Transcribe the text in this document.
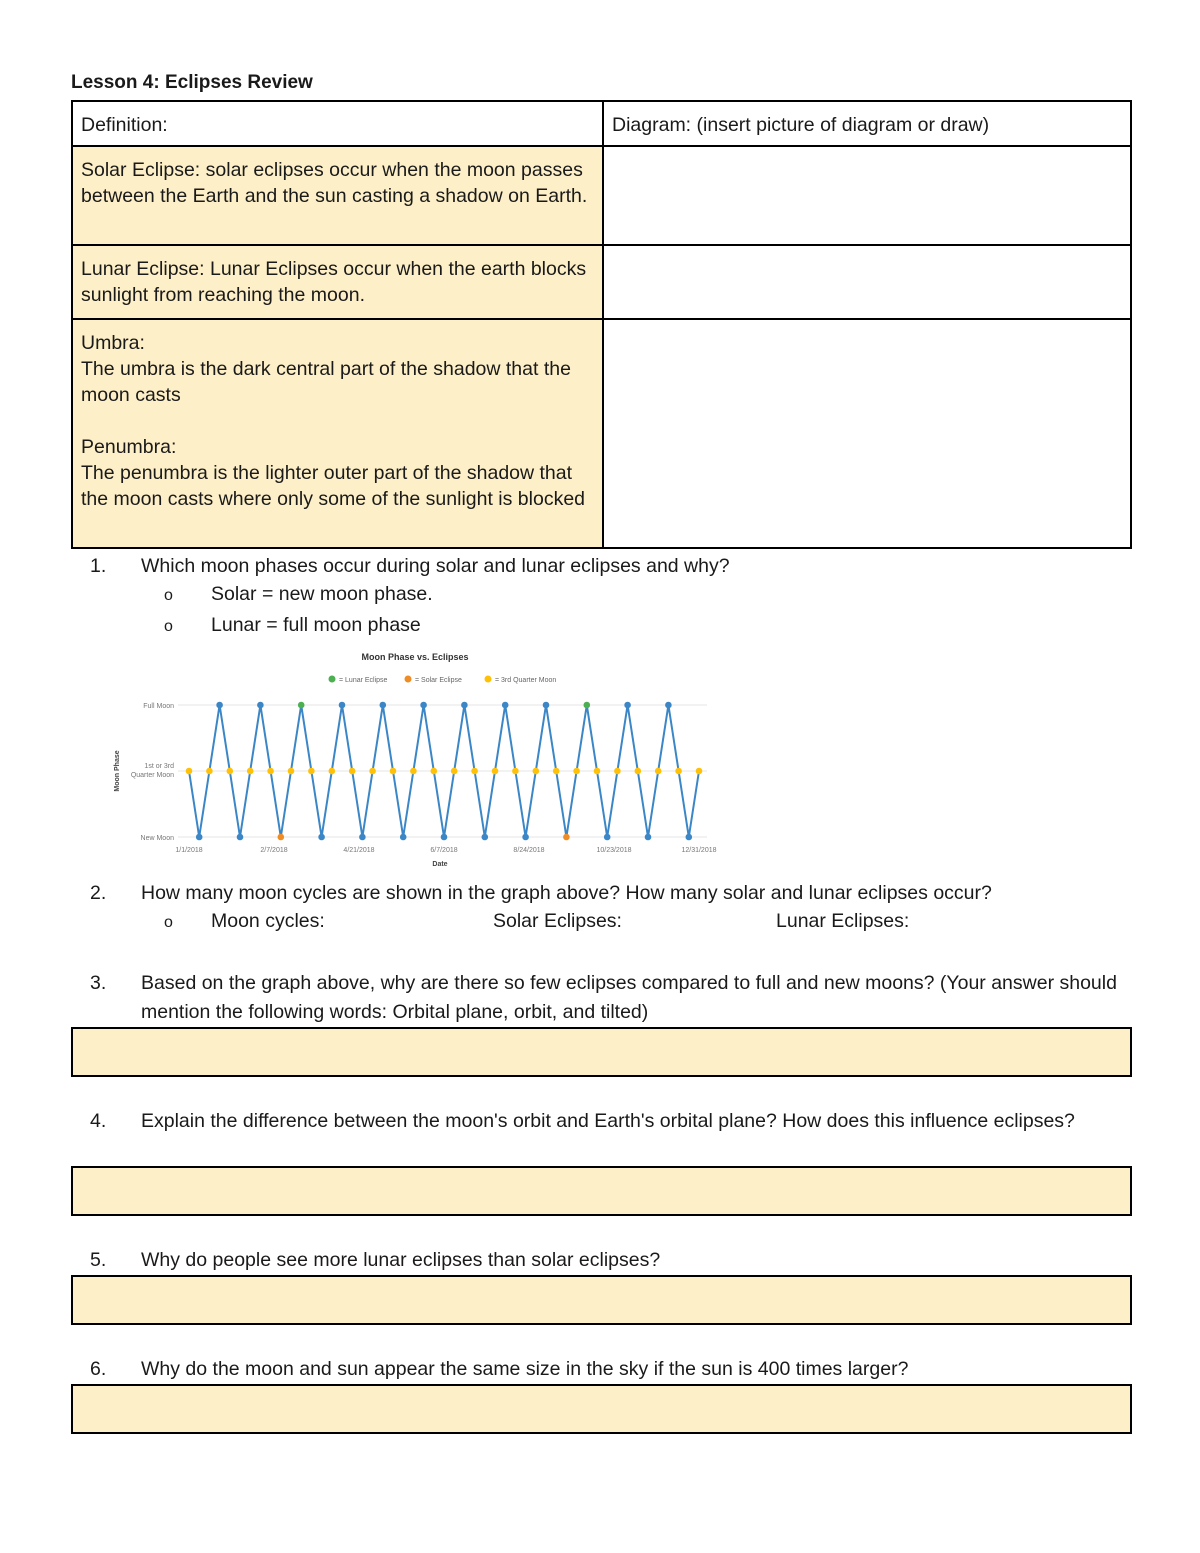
Lesson 4: Eclipses Review
Definition:	Diagram: (insert picture of diagram or draw)
Solar Eclipse: solar eclipses occur when the moon passes between the Earth and the sun casting a shadow on Earth.	
Lunar Eclipse: Lunar Eclipses occur when the earth blocks sunlight from reaching the moon.	

Umbra:
The umbra is the dark central part of the shadow that the moon casts
Penumbra:
The penumbra is the lighter outer part of the shadow that the moon casts where only some of the sunlight is blocked	

1.	Which moon phases occur during solar and lunar eclipses and why?
o Solar = new moon phase.
o Lunar = full moon phase
Moon Phase vs. Eclipses
= Lunar Eclipse	= Solar Eclipse	= 3rd Quarter Moon
New Moon
1st or 3rd Quarter Moon
Full Moon
Moon Phase
1/1/2018	2/7/2018	4/21/2018	6/7/2018	8/24/2018	10/23/2018	12/31/2018
Date
2.	How many moon cycles are shown in the graph above? How many solar and lunar eclipses occur?
o Moon cycles:	Solar Eclipses:	Lunar Eclipses:
3.	Based on the graph above, why are there so few eclipses compared to full and new moons? (Your answer should mention the following words: Orbital plane, orbit, and tilted)
4.	Explain the difference between the moon's orbit and Earth's orbital plane? How does this influence eclipses?
5.	Why do people see more lunar eclipses than solar eclipses?
6.	Why do the moon and sun appear the same size in the sky if the sun is 400 times larger?
